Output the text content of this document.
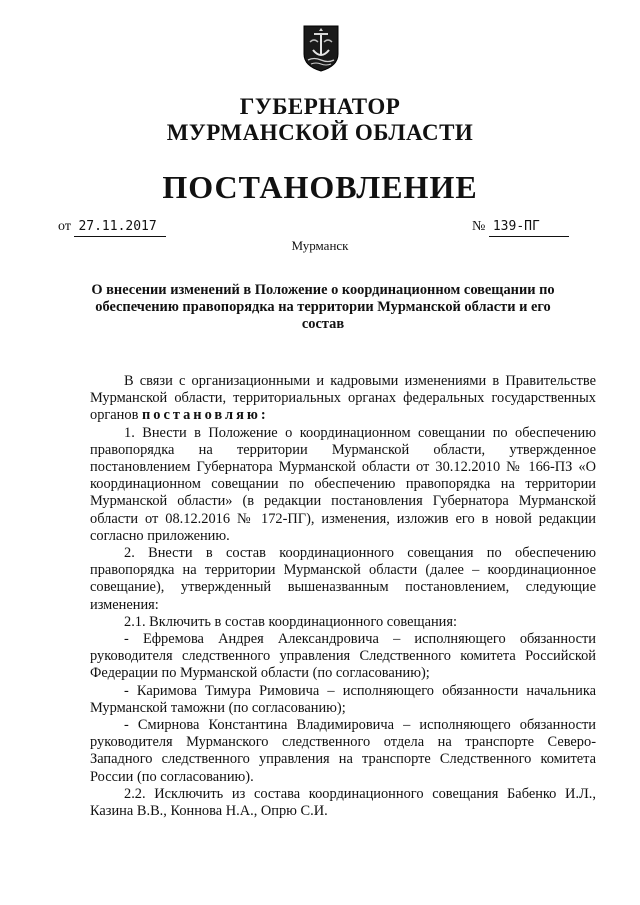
ГУБЕРНАТОР
МУРМАНСКОЙ ОБЛАСТИ
ПОСТАНОВЛЕНИЕ
от 27.11.2017	№ 139-ПГ
Мурманск
О внесении изменений в Положение о координационном совещании по обеспечению правопорядка на территории Мурманской области и его состав

В связи с организационными и кадровыми изменениями в Правительстве Мурманской области, территориальных органах федеральных государственных органов постановляю:

1. Внести в Положение о координационном совещании по обеспечению правопорядка на территории Мурманской области, утвержденное постановлением Губернатора Мурманской области от 30.12.2010 № 166-ПЗ «О координационном совещании по обеспечению правопорядка на территории Мурманской области» (в редакции постановления Губернатора Мурманской области от 08.12.2016 № 172-ПГ), изменения, изложив его в новой редакции согласно приложению.

2. Внести в состав координационного совещания по обеспечению правопорядка на территории Мурманской области (далее – координационное совещание), утвержденный вышеназванным постановлением, следующие изменения:

2.1. Включить в состав координационного совещания:

- Ефремова Андрея Александровича – исполняющего обязанности руководителя следственного управления Следственного комитета Российской Федерации по Мурманской области (по согласованию);

- Каримова Тимура Римовича – исполняющего обязанности начальника Мурманской таможни (по согласованию);

- Смирнова Константина Владимировича – исполняющего обязанности руководителя Мурманского следственного отдела на транспорте Северо-Западного следственного управления на транспорте Следственного комитета России (по согласованию).

2.2. Исключить из состава координационного совещания Бабенко И.Л., Казина В.В., Коннова Н.А., Опрю С.И.
